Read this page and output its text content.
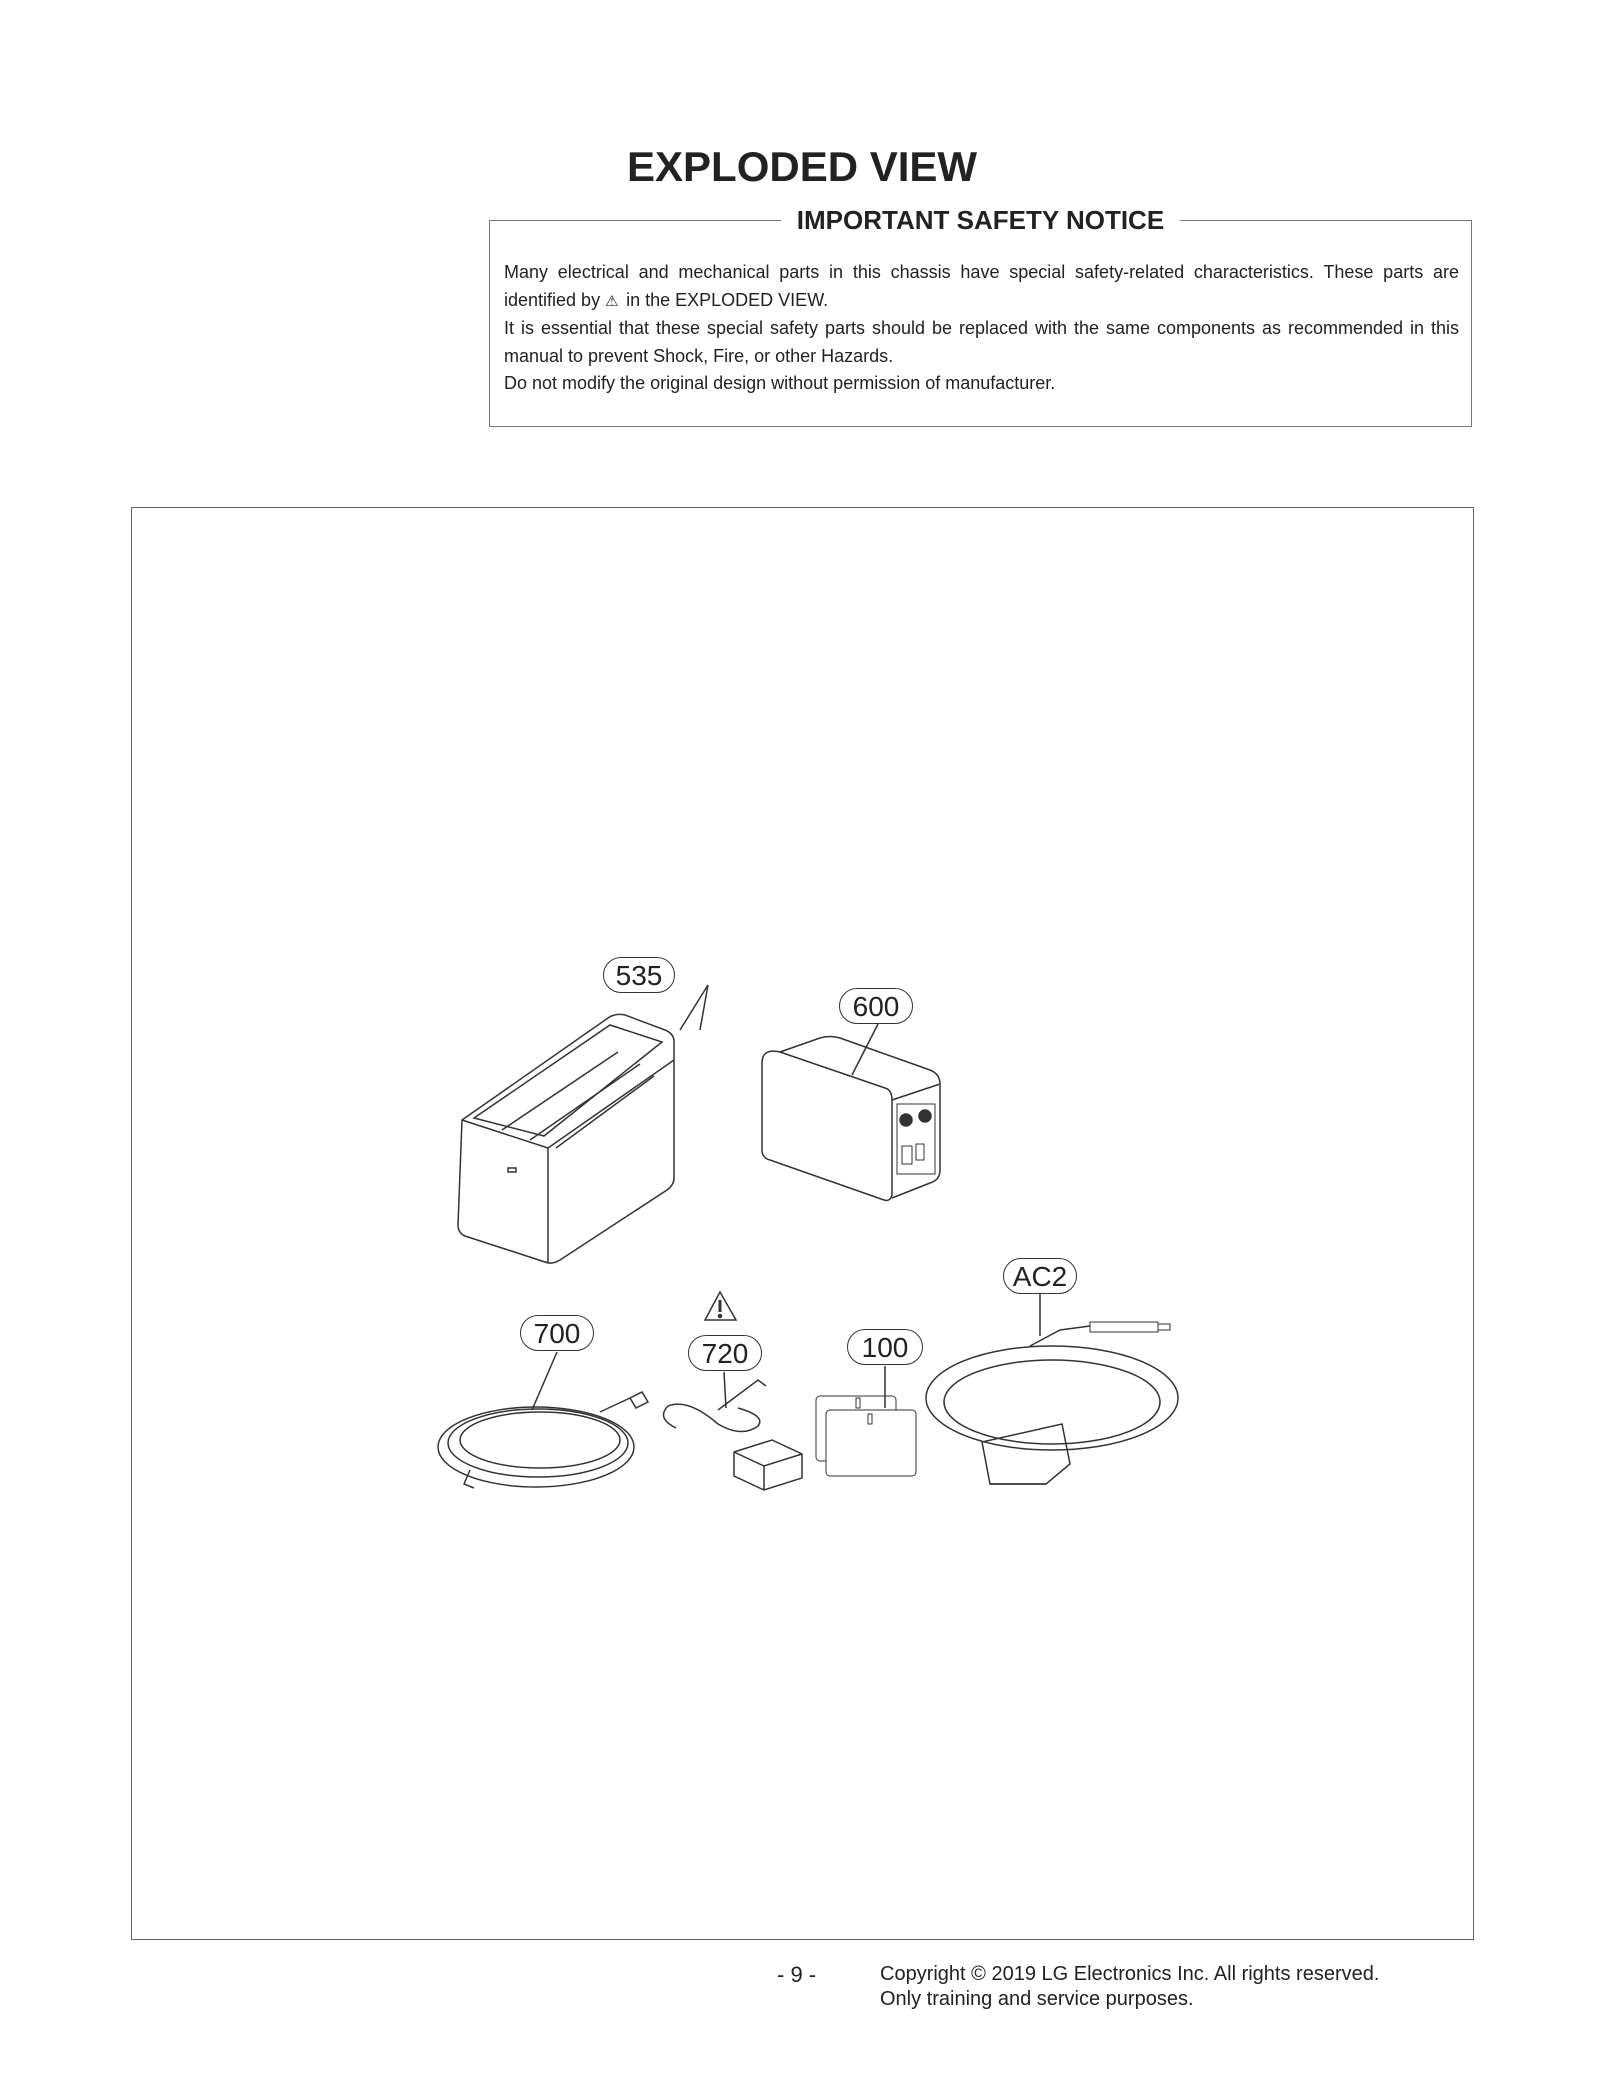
EXPLODED VIEW
IMPORTANT SAFETY NOTICE

Many electrical and mechanical parts in this chassis have special safety-related characteristics. These parts are identified by ⚠ in the EXPLODED VIEW.

It is essential that these special safety parts should be replaced with the same components as recommended in this manual to prevent Shock, Fire, or other Hazards.

Do not modify the original design without permission of manufacturer.

535
600
700
720	100
AC2
- 9 -	Copyright © 2019 LG Electronics Inc. All rights reserved.
Only training and service purposes.
